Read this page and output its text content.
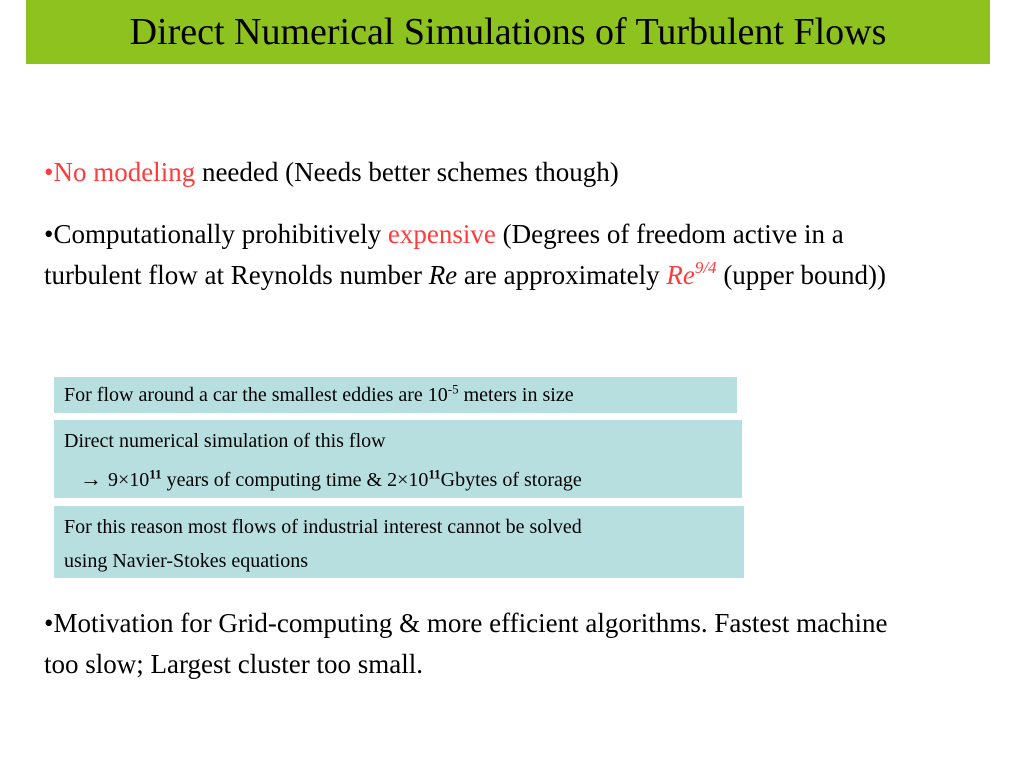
Direct Numerical Simulations of Turbulent Flows
•No modeling needed (Needs better schemes though)
•Computationally prohibitively expensive (Degrees of freedom active in a turbulent flow at Reynolds number Re are approximately $Re^{9/4}$ (upper bound))
For flow around a car the smallest eddies are $10^{-5}$ meters in size
Direct numerical simulation of this flow
→ $9\times 10^{11}$ years of computing time & $2\times 10^{11}Gbytes$ of storage
For this reason most flows of industrial interest cannot be solved
using Navier-Stokes equations
•Motivation for Grid-computing & more efficient algorithms. Fastest machine too slow; Largest cluster too small.
